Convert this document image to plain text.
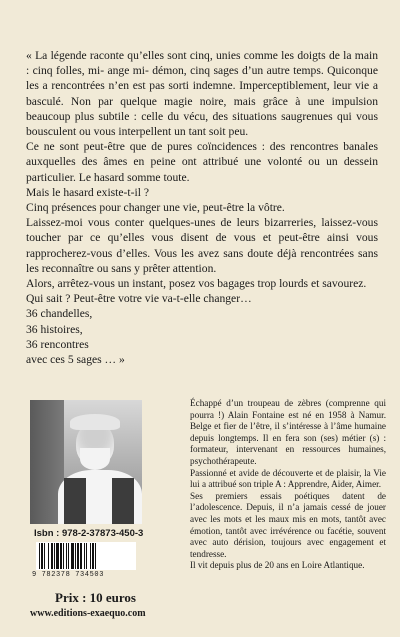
« La légende raconte qu’elles sont cinq, unies comme les doigts de la main : cinq folles, mi- ange mi- démon, cinq sages d’un autre temps. Quiconque les a rencontrées n’en est pas sorti indemne. Imperceptiblement, leur vie a basculé. Non par quelque magie noire, mais grâce à une impulsion beaucoup plus subtile : celle du vécu, des situations saugrenues qui vous bousculent ou vous interpellent un tant soit peu.

Ce ne sont peut-être que de pures coïncidences : des rencontres banales auxquelles des âmes en peine ont attribué une volonté ou un dessein particulier. Le hasard somme toute.

Mais le hasard existe-t-il ?

Cinq présences pour changer une vie, peut-être la vôtre.

Laissez-moi vous conter quelques-unes de leurs bizarreries, laissez-vous toucher par ce qu’elles vous disent de vous et peut-être ainsi vous rapprocherez-vous d’elles. Vous les avez sans doute déjà rencontrées sans les reconnaître ou sans y prêter attention.

Alors, arrêtez-vous un instant, posez vos bagages trop lourds et savourez.

Qui sait ? Peut-être votre vie va-t-elle changer…

36 chandelles,
36 histoires,
36 rencontres
avec ces 5 sages … »
Isbn : 978-2-37873-450-3
9 782378 734503
Prix : 10 euros
www.editions-exaequo.com

Échappé d’un troupeau de zèbres (comprenne qui pourra !) Alain Fontaine est né en 1958 à Namur. Belge et fier de l’être, il s’intéresse à l’âme humaine depuis longtemps. Il en fera son (ses) métier (s) : formateur, intervenant en ressources humaines, psychothérapeute.

Passionné et avide de découverte et de plaisir, la Vie lui a attribué son triple A : Apprendre, Aider, Aimer.

Ses premiers essais poétiques datent de l’adolescence. Depuis, il n’a jamais cessé de jouer avec les mots et les maux mis en mots, tantôt avec émotion, tantôt avec irrévérence ou facétie, souvent avec auto dérision, toujours avec engagement et tendresse.

Il vit depuis plus de 20 ans en Loire Atlantique.
